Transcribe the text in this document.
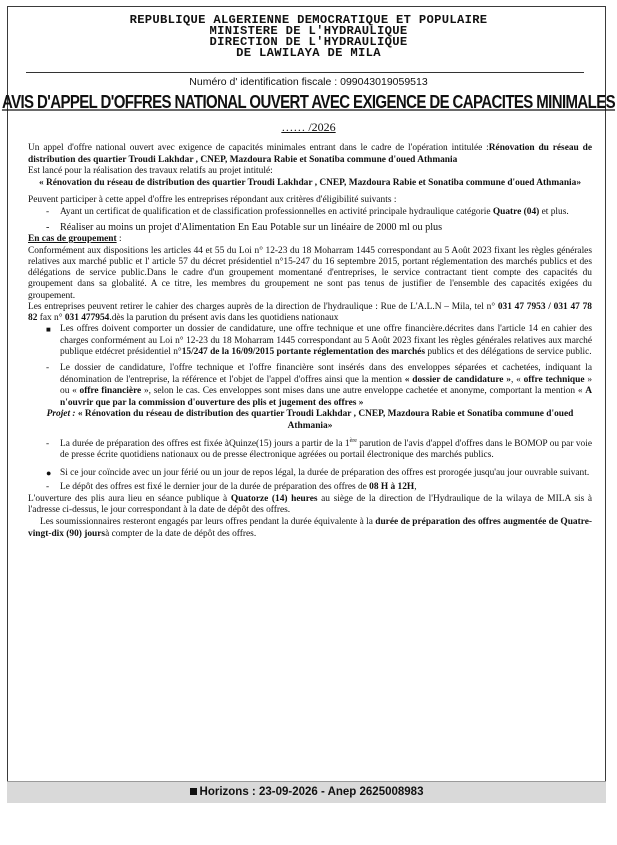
REPUBLIQUE ALGERIENNE DEMOCRATIQUE ET POPULAIRE
MINISTERE DE L'HYDRAULIQUE
DIRECTION DE L'HYDRAULIQUE
DE LAWILAYA DE MILA
Numéro d' identification fiscale : 099043019059513
AVIS D'APPEL D'OFFRES NATIONAL OUVERT AVEC EXIGENCE DE CAPACITES MINIMALES
…… /2026

Un appel d'offre national ouvert avec exigence de capacités minimales entrant dans le cadre de l'opération intitulée :Rénovation du réseau de distribution des quartier Troudi Lakhdar , CNEP, Mazdoura Rabie et Sonatiba commune d'oued Athmania

Est lancé pour la réalisation des travaux relatifs au projet intitulé:

« Rénovation du réseau de distribution des quartier Troudi Lakhdar , CNEP, Mazdoura Rabie et Sonatiba commune d'oued Athmania»

Peuvent participer à cette appel d'offre les entreprises répondant aux critères d'éligibilité suivants :

- Ayant un certificat de qualification et de classification professionnelles en activité principale hydraulique catégorie Quatre (04) et plus.

- Réaliser au moins un projet d'Alimentation En Eau Potable sur un linéaire de 2000 ml ou plus

En cas de groupement :

Conformément aux dispositions les articles 44 et 55 du Loi n° 12-23 du 18 Moharram 1445 correspondant au 5 Août 2023 fixant les règles générales relatives aux marché public et l' article 57 du décret présidentiel n°15-247 du 16 septembre 2015, portant réglementation des marchés publics et des délégations de service public.Dans le cadre d'un groupement momentané d'entreprises, le service contractant tient compte des capacités du groupement dans sa globalité. A ce titre, les membres du groupement ne sont pas tenus de justifier de l'ensemble des capacités exigées du groupement.

Les entreprises peuvent retirer le cahier des charges auprès de la direction de l'hydraulique : Rue de L'A.L.N – Mila, tel n° 031 47 7953 / 031 47 78 82 fax n° 031 477954.dès la parution du présent avis dans les quotidiens nationaux

■ Les offres doivent comporter un dossier de candidature, une offre technique et une offre financière.décrites dans l'article 14 en cahier des charges conformément au Loi n° 12-23 du 18 Moharram 1445 correspondant au 5 Août 2023 fixant les règles générales relatives aux marché publique etdécret présidentiel n°15/247 de la 16/09/2015 portante réglementation des marchés publics et des délégations de service public.

- Le dossier de candidature, l'offre technique et l'offre financière sont insérés dans des enveloppes séparées et cachetées, indiquant la dénomination de l'entreprise, la référence et l'objet de l'appel d'offres ainsi que la mention « dossier de candidature », « offre technique » ou « offre financière », selon le cas. Ces enveloppes sont mises dans une autre enveloppe cachetée et anonyme, comportant la mention « A n'ouvrir que par la commission d'ouverture des plis et jugement des offres »

Projet : « Rénovation du réseau de distribution des quartier Troudi Lakhdar , CNEP, Mazdoura Rabie et Sonatiba commune d'oued Athmania»

- La durée de préparation des offres est fixée àQuinze(15) jours a partir de la 1ère parution de l'avis d'appel d'offres dans le BOMOP ou par voie de presse écrite quotidiens nationaux ou de presse électronique agréées ou portail électronique des marchés publics.

● Si ce jour coïncide avec un jour férié ou un jour de repos légal, la durée de préparation des offres est prorogée jusqu'au jour ouvrable suivant.

- Le dépôt des offres est fixé le dernier jour de la durée de préparation des offres de 08 H à 12H,

L'ouverture des plis aura lieu en séance publique à Quatorze (14) heures au siège de la direction de l'Hydraulique de la wilaya de MILA sis à l'adresse ci-dessus, le jour correspondant à la date de dépôt des offres.

Les soumissionnaires resteront engagés par leurs offres pendant la durée équivalente à la durée de préparation des offres augmentée de Quatre-vingt-dix (90) joursà compter de la date de dépôt des offres.

Horizons : 23-09-2026 - Anep 2625008983
